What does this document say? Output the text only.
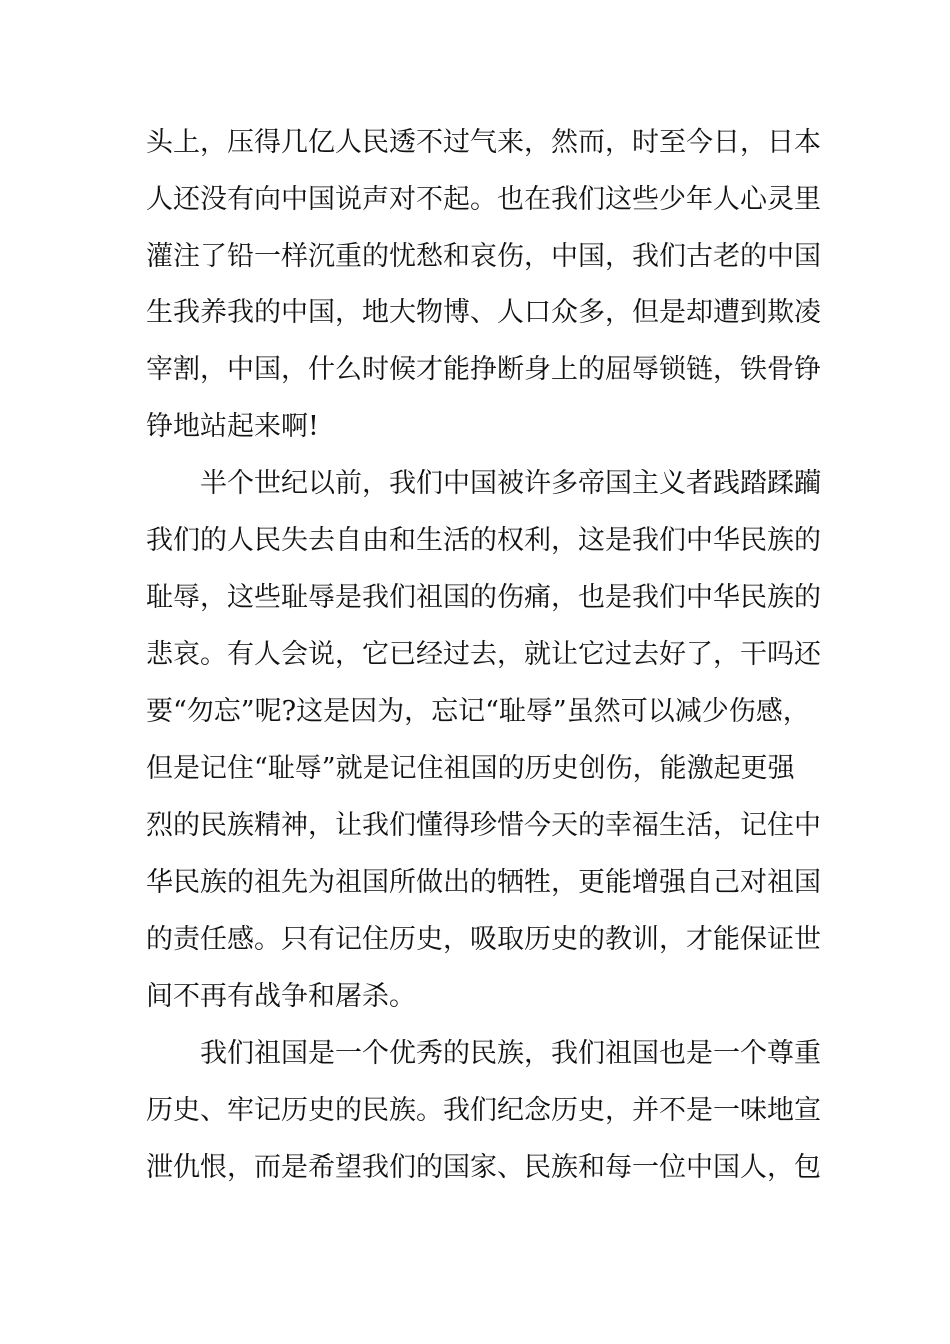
头上，压得几亿人民透不过气来，然而，时至今日，日本
人还没有向中国说声对不起。也在我们这些少年人心灵里
灌注了铅一样沉重的忧愁和哀伤，中国，我们古老的中国
生我养我的中国，地大物博、人口众多，但是却遭到欺凌
宰割，中国，什么时候才能挣断身上的屈辱锁链，铁骨铮
铮地站起来啊!
半个世纪以前，我们中国被许多帝国主义者践踏蹂躏
我们的人民失去自由和生活的权利，这是我们中华民族的
耻辱，这些耻辱是我们祖国的伤痛，也是我们中华民族的
悲哀。有人会说，它已经过去，就让它过去好了，干吗还
要“勿忘”呢?这是因为，忘记“耻辱”虽然可以减少伤感，
但是记住“耻辱”就是记住祖国的历史创伤，能激起更强
烈的民族精神，让我们懂得珍惜今天的幸福生活，记住中
华民族的祖先为祖国所做出的牺牲，更能增强自己对祖国
的责任感。只有记住历史，吸取历史的教训，才能保证世
间不再有战争和屠杀。
我们祖国是一个优秀的民族，我们祖国也是一个尊重
历史、牢记历史的民族。我们纪念历史，并不是一味地宣
泄仇恨，而是希望我们的国家、民族和每一位中国人，包
